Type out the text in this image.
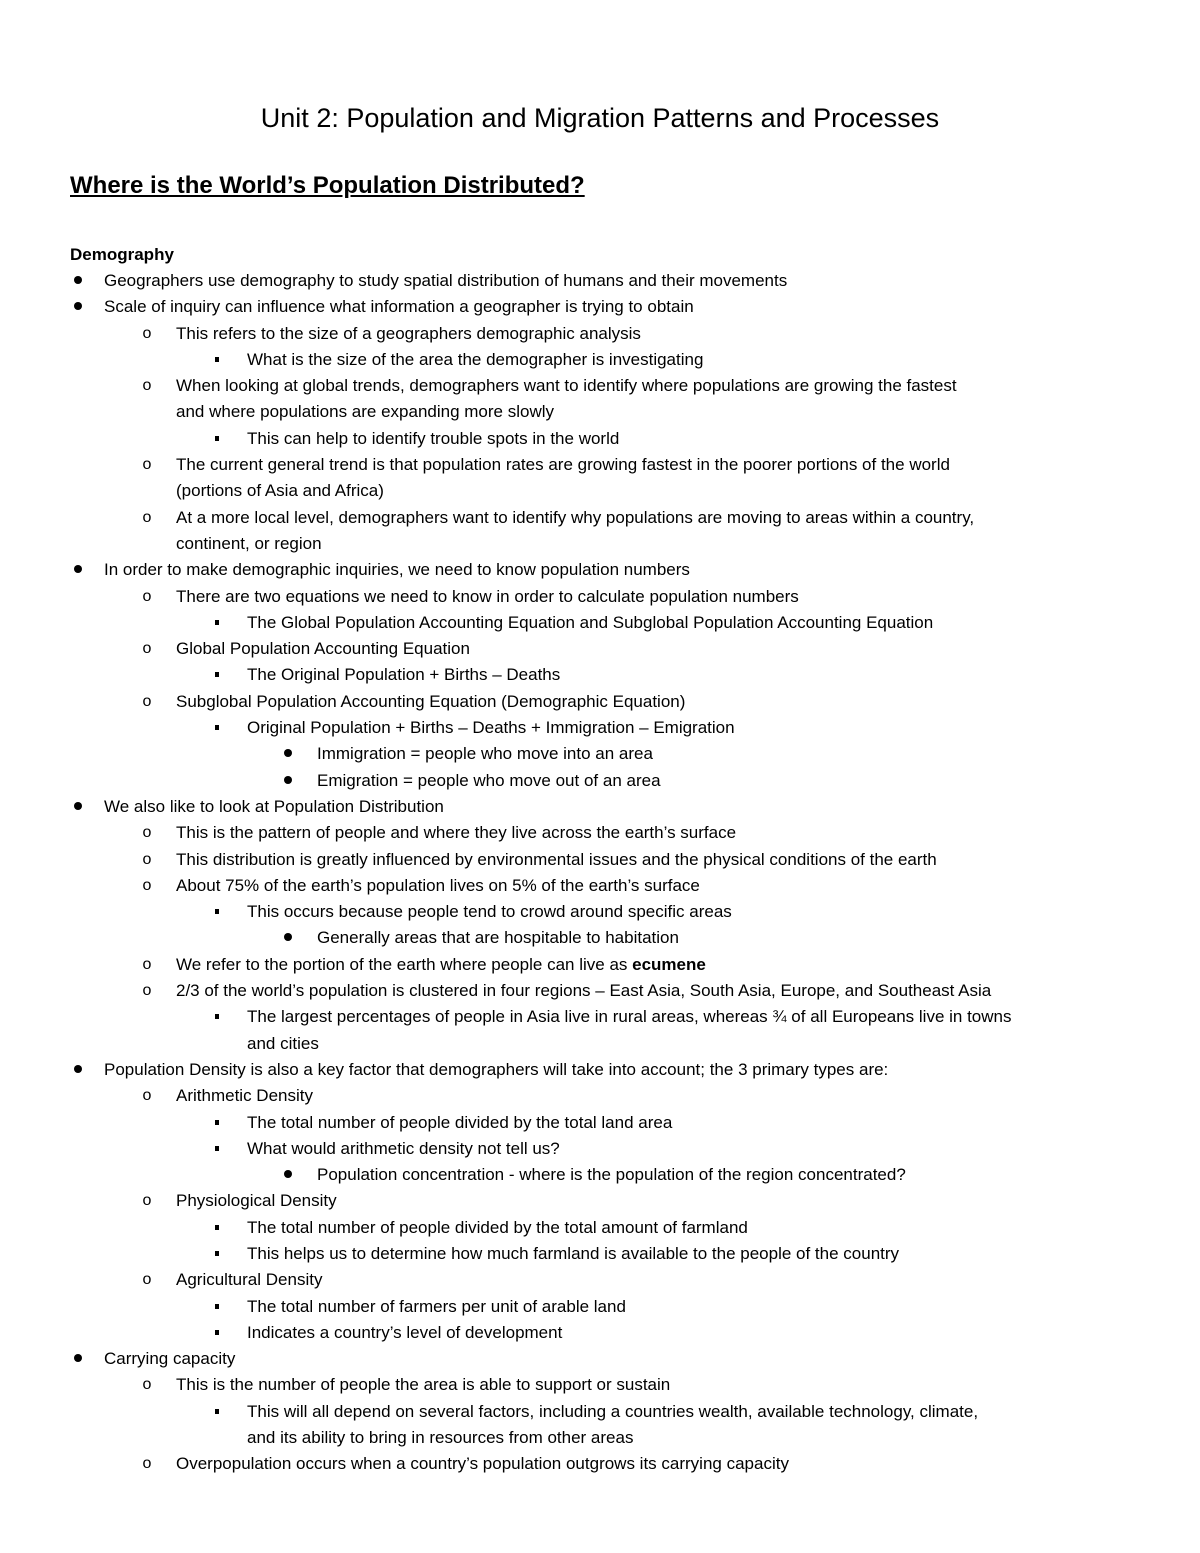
Unit 2: Population and Migration Patterns and Processes
Where is the World’s Population Distributed?
Demography
Geographers use demography to study spatial distribution of humans and their movements
Scale of inquiry can influence what information a geographer is trying to obtain
o This refers to the size of a geographers demographic analysis
What is the size of the area the demographer is investigating
o When looking at global trends, demographers want to identify where populations are growing the fastest
and where populations are expanding more slowly
This can help to identify trouble spots in the world
o The current general trend is that population rates are growing fastest in the poorer portions of the world
(portions of Asia and Africa)
o At a more local level, demographers want to identify why populations are moving to areas within a country,
continent, or region
In order to make demographic inquiries, we need to know population numbers
o There are two equations we need to know in order to calculate population numbers
The Global Population Accounting Equation and Subglobal Population Accounting Equation
o Global Population Accounting Equation
The Original Population + Births – Deaths
o Subglobal Population Accounting Equation (Demographic Equation)
Original Population + Births – Deaths + Immigration – Emigration
Immigration = people who move into an area
Emigration = people who move out of an area
We also like to look at Population Distribution
o This is the pattern of people and where they live across the earth’s surface
o This distribution is greatly influenced by environmental issues and the physical conditions of the earth
o About 75% of the earth’s population lives on 5% of the earth’s surface
This occurs because people tend to crowd around specific areas
Generally areas that are hospitable to habitation
o We refer to the portion of the earth where people can live as ecumene
o 2/3 of the world’s population is clustered in four regions – East Asia, South Asia, Europe, and Southeast Asia
The largest percentages of people in Asia live in rural areas, whereas ¾ of all Europeans live in towns
and cities
Population Density is also a key factor that demographers will take into account; the 3 primary types are:
o Arithmetic Density
The total number of people divided by the total land area
What would arithmetic density not tell us?
Population concentration - where is the population of the region concentrated?
o Physiological Density
The total number of people divided by the total amount of farmland
This helps us to determine how much farmland is available to the people of the country
o Agricultural Density
The total number of farmers per unit of arable land
Indicates a country’s level of development
Carrying capacity
o This is the number of people the area is able to support or sustain
This will all depend on several factors, including a countries wealth, available technology, climate,
and its ability to bring in resources from other areas
o Overpopulation occurs when a country’s population outgrows its carrying capacity
